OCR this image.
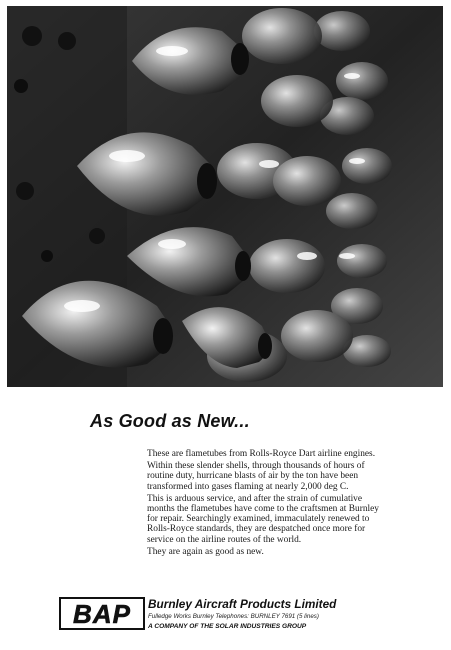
As Good as New...

These are flametubes from Rolls-Royce Dart airline engines.

Within these slender shells, through thousands of hours of routine duty, hurricane blasts of air by the ton have been transformed into gases flaming at nearly 2,000 deg C.

This is arduous service, and after the strain of cumulative months the flametubes have come to the craftsmen at Burnley for repair. Searchingly examined, immaculately renewed to Rolls-Royce standards, they are despatched once more for service on the airline routes of the world.

They are again as good as new.

BAP Burnley Aircraft Products Limited
Fulledge Works Burnley Telephones: BURNLEY 7691 (5 lines)
A COMPANY OF THE SOLAR INDUSTRIES GROUP
